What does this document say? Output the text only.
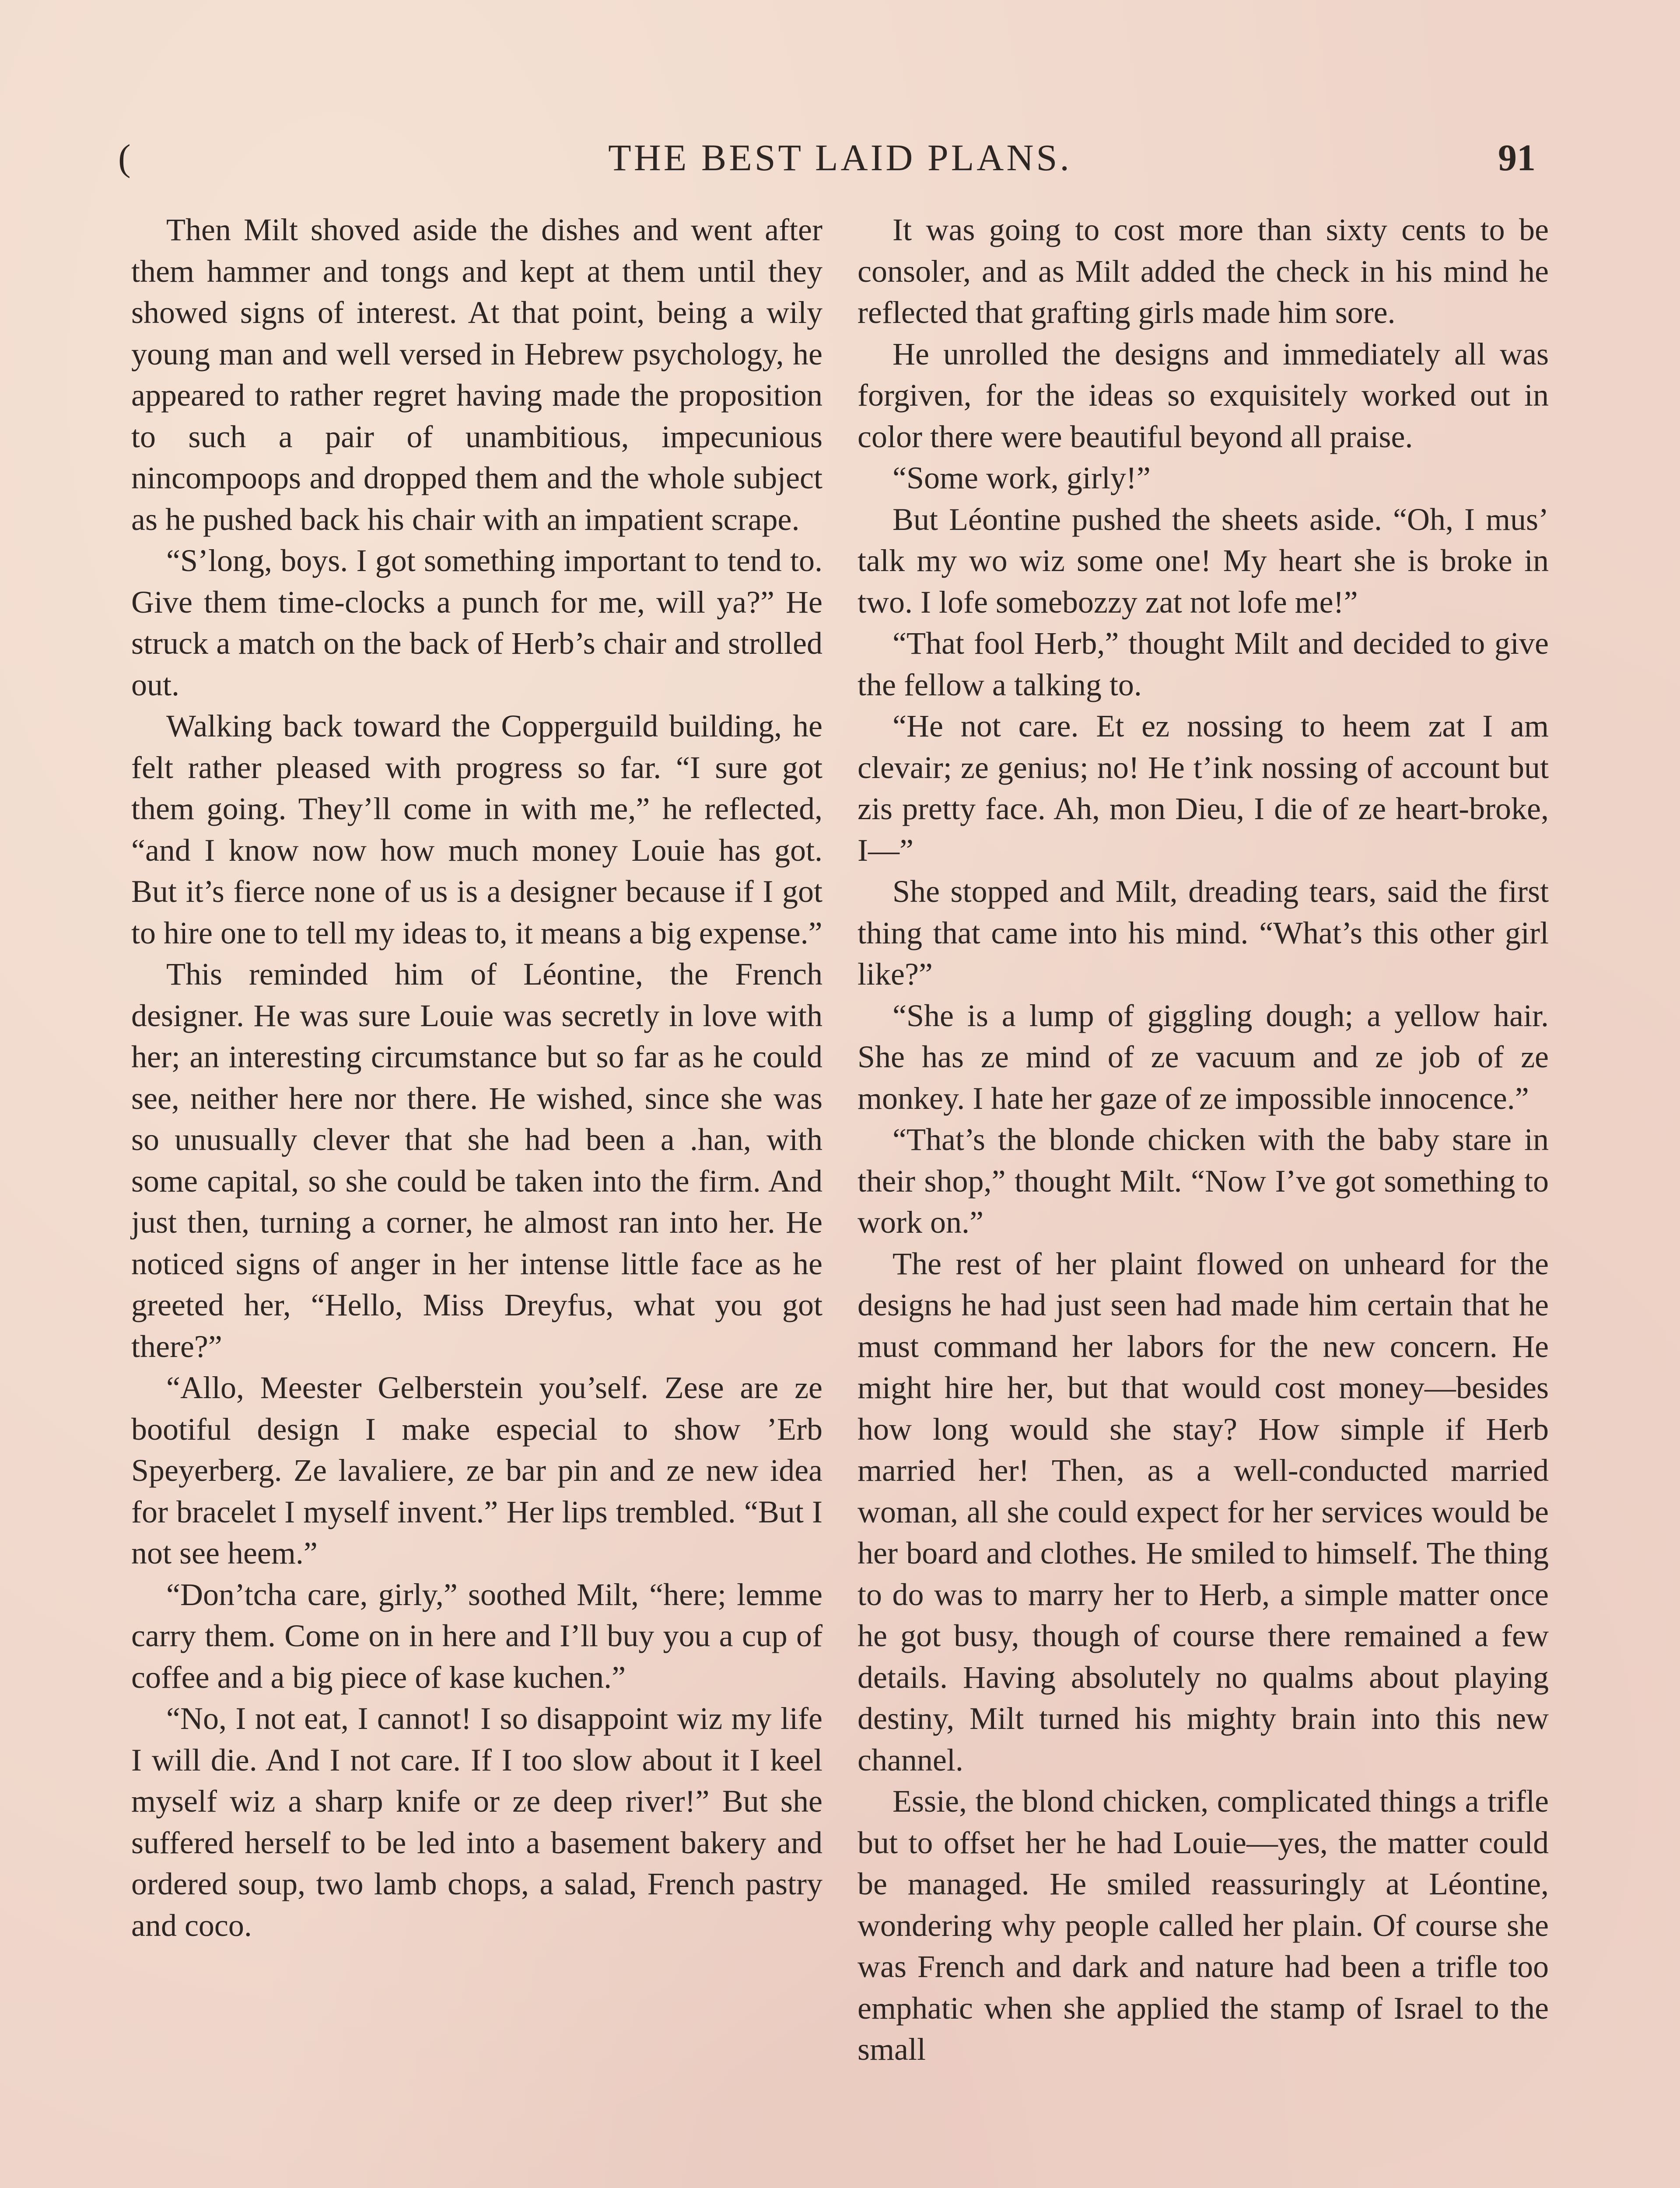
(	THE BEST LAID PLANS.	91

Then Milt shoved aside the dishes and went after them hammer and tongs and kept at them until they showed signs of interest. At that point, being a wily young man and well versed in Hebrew psychology, he appeared to rather regret having made the proposition to such a pair of unambitious, impecunious nincompoops and dropped them and the whole subject as he pushed back his chair with an impatient scrape.

“S’long, boys. I got something important to tend to. Give them time-clocks a punch for me, will ya?” He struck a match on the back of Herb’s chair and strolled out.

Walking back toward the Copperguild building, he felt rather pleased with progress so far. “I sure got them going. They’ll come in with me,” he reflected, “and I know now how much money Louie has got. But it’s fierce none of us is a designer because if I got to hire one to tell my ideas to, it means a big expense.”

This reminded him of Léontine, the French designer. He was sure Louie was secretly in love with her; an interesting circumstance but so far as he could see, neither here nor there. He wished, since she was so unusually clever that she had been a .han, with some capital, so she could be taken into the firm. And just then, turning a corner, he almost ran into her. He noticed signs of anger in her intense little face as he greeted her, “Hello, Miss Dreyfus, what you got there?”

“Allo, Meester Gelberstein you’self. Zese are ze bootiful design I make especial to show ’Erb Speyerberg. Ze lavaliere, ze bar pin and ze new idea for bracelet I myself invent.” Her lips trembled. “But I not see heem.”

“Don’tcha care, girly,” soothed Milt, “here; lemme carry them. Come on in here and I’ll buy you a cup of coffee and a big piece of kase kuchen.”

“No, I not eat, I cannot! I so disappoint wiz my life I will die. And I not care. If I too slow about it I keel myself wiz a sharp knife or ze deep river!” But she suffered herself to be led into a basement bakery and ordered soup, two lamb chops, a salad, French pastry and coco.

It was going to cost more than sixty cents to be consoler, and as Milt added the check in his mind he reflected that grafting girls made him sore.

He unrolled the designs and immediately all was forgiven, for the ideas so exquisitely worked out in color there were beautiful beyond all praise.

“Some work, girly!”

But Léontine pushed the sheets aside. “Oh, I mus’ talk my wo wiz some one! My heart she is broke in two. I lofe somebozzy zat not lofe me!”

“That fool Herb,” thought Milt and decided to give the fellow a talking to.

“He not care. Et ez nossing to heem zat I am clevair; ze genius; no! He t’ink nossing of account but zis pretty face. Ah, mon Dieu, I die of ze heart-broke, I—”

She stopped and Milt, dreading tears, said the first thing that came into his mind. “What’s this other girl like?”

“She is a lump of giggling dough; a yellow hair. She has ze mind of ze vacuum and ze job of ze monkey. I hate her gaze of ze impossible innocence.”

“That’s the blonde chicken with the baby stare in their shop,” thought Milt. “Now I’ve got something to work on.”

The rest of her plaint flowed on unheard for the designs he had just seen had made him certain that he must command her labors for the new concern. He might hire her, but that would cost money—besides how long would she stay? How simple if Herb married her! Then, as a well-conducted married woman, all she could expect for her services would be her board and clothes. He smiled to himself. The thing to do was to marry her to Herb, a simple matter once he got busy, though of course there remained a few details. Having absolutely no qualms about playing destiny, Milt turned his mighty brain into this new channel.

Essie, the blond chicken, complicated things a trifle but to offset her he had Louie—yes, the matter could be managed. He smiled reassuringly at Léontine, wondering why people called her plain. Of course she was French and dark and nature had been a trifle too emphatic when she applied the stamp of Israel to the small
